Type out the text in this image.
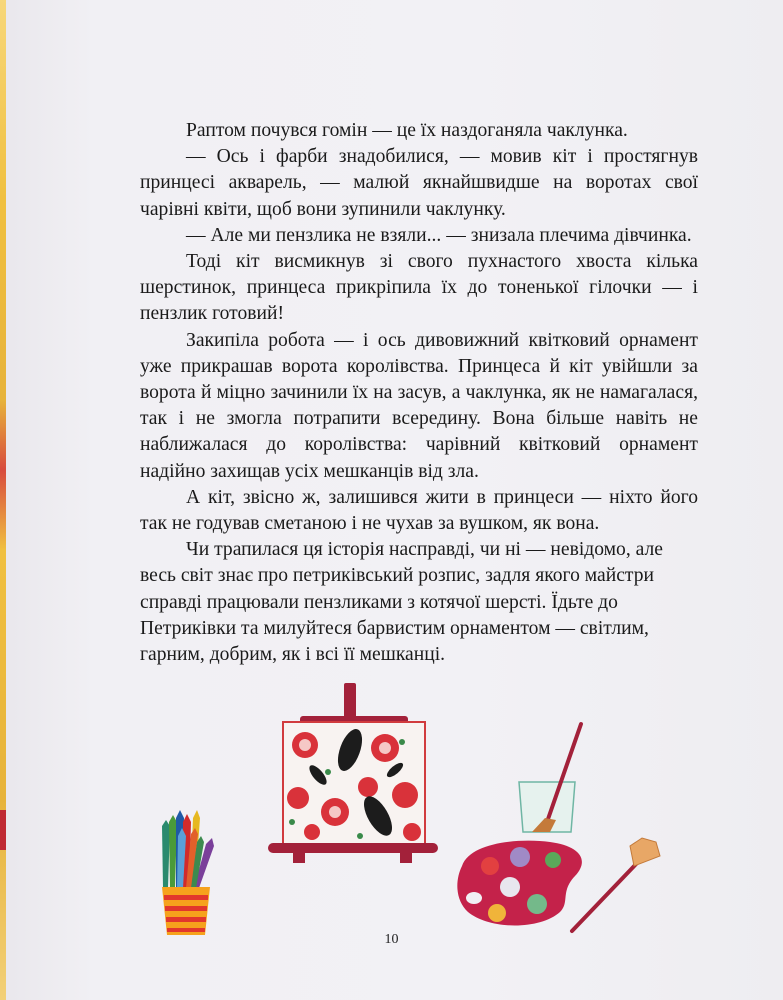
Раптом почувся гомін — це їх наздоганяла чаклунка.

— Ось і фарби знадобилися, — мовив кіт і простягнув принцесі акварель, — малюй якнайшвидше на воротах свої чарівні квіти, щоб вони зупинили чаклунку.

— Але ми пензлика не взяли... — знизала плечима дівчинка.

Тоді кіт висмикнув зі свого пухнастого хвоста кілька шерстинок, принцеса прикріпила їх до тоненької гілочки — і пензлик готовий!

Закипіла робота — і ось дивовижний квітковий орнамент уже прикрашав ворота королівства. Принцеса й кіт увійшли за ворота й міцно зачинили їх на засув, а чаклунка, як не намагалася, так і не змогла потрапити всередину. Вона більше навіть не наближалася до королівства: чарівний квітковий орнамент надійно захищав усіх мешканців від зла.

А кіт, звісно ж, залишився жити в принцеси — ніхто його так не годував сметаною і не чухав за вушком, як вона.

Чи трапилася ця історія насправді, чи ні — невідомо, але весь світ знає про петриківський розпис, задля якого майстри справді працювали пензликами з котячої шерсті. Їдьте до Петриківки та милуйтеся барвистим орнаментом — світлим, гарним, добрим, як і всі її мешканці.

10
